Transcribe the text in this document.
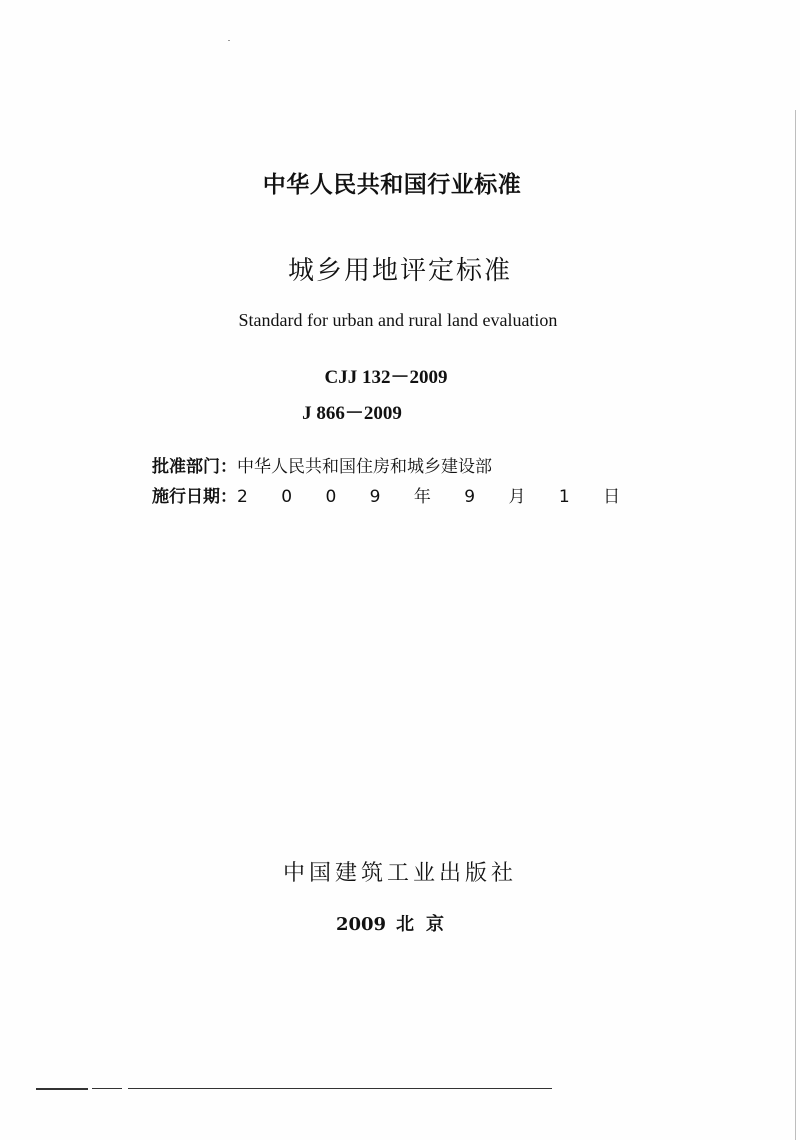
中华人民共和国行业标准
城乡用地评定标准
Standard for urban and rural land evaluation
CJJ 132－2009
J 866－2009
批准部门：中华人民共和国住房和城乡建设部
施行日期：2 0 0 9 年 9 月 1 日
中国建筑工业出版社
2009 北京
